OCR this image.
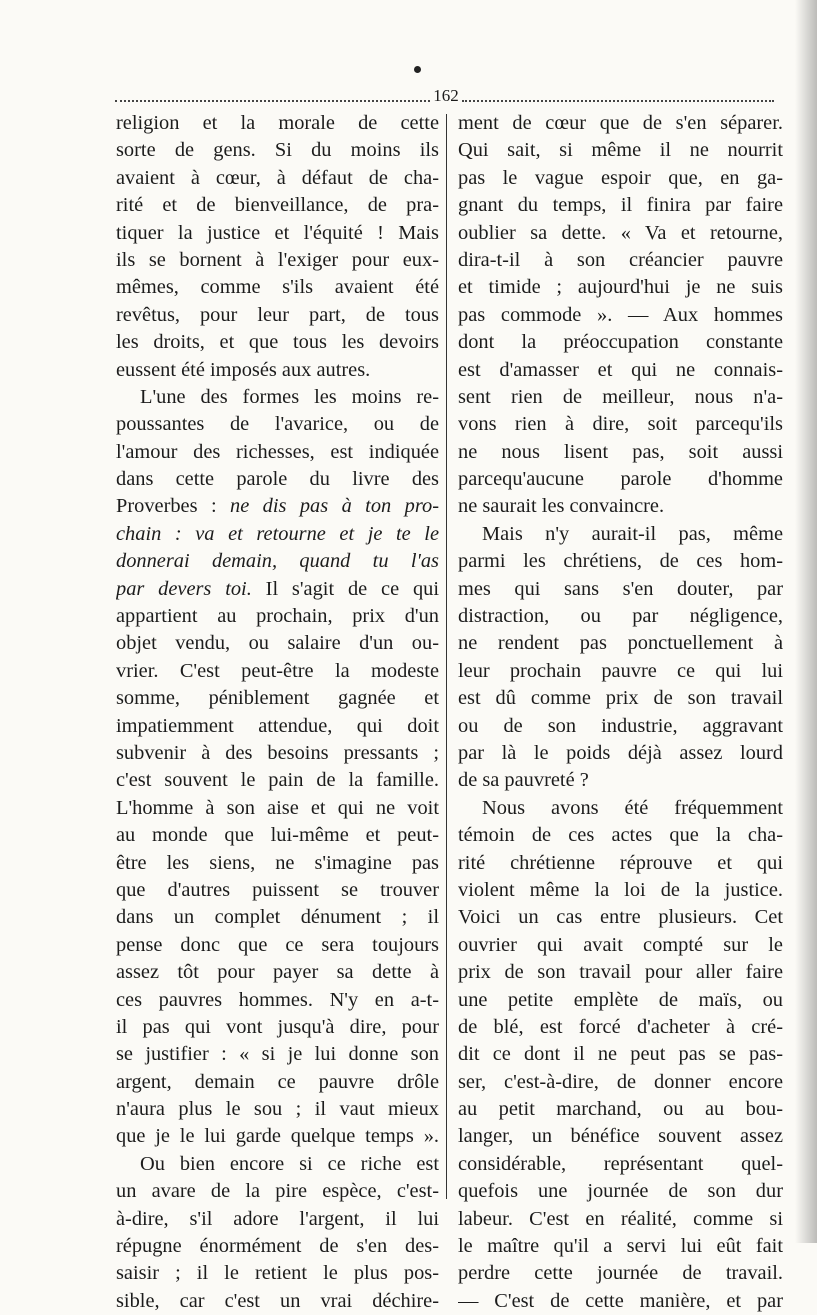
162
religion et la morale de cette
sorte de gens. Si du moins ils
avaient à cœur, à défaut de cha-
rité et de bienveillance, de pra-
tiquer la justice et l'équité ! Mais
ils se bornent à l'exiger pour eux-
mêmes, comme s'ils avaient été
revêtus, pour leur part, de tous
les droits, et que tous les devoirs
eussent été imposés aux autres.
L'une des formes les moins re-
poussantes de l'avarice, ou de
l'amour des richesses, est indiquée
dans cette parole du livre des
Proverbes : ne dis pas à ton pro-
chain : va et retourne et je te le
donnerai demain, quand tu l'as
par devers toi. Il s'agit de ce qui
appartient au prochain, prix d'un
objet vendu, ou salaire d'un ou-
vrier. C'est peut-être la modeste
somme, péniblement gagnée et
impatiemment attendue, qui doit
subvenir à des besoins pressants ;
c'est souvent le pain de la famille.
L'homme à son aise et qui ne voit
au monde que lui-même et peut-
être les siens, ne s'imagine pas
que d'autres puissent se trouver
dans un complet dénument ; il
pense donc que ce sera toujours
assez tôt pour payer sa dette à
ces pauvres hommes. N'y en a-t-
il pas qui vont jusqu'à dire, pour
se justifier : « si je lui donne son
argent, demain ce pauvre drôle
n'aura plus le sou ; il vaut mieux
que je le lui garde quelque temps ».
Ou bien encore si ce riche est
un avare de la pire espèce, c'est-
à-dire, s'il adore l'argent, il lui
répugne énormément de s'en des-
saisir ; il le retient le plus pos-
sible, car c'est un vrai déchire-
ment de cœur que de s'en séparer.
Qui sait, si même il ne nourrit
pas le vague espoir que, en ga-
gnant du temps, il finira par faire
oublier sa dette. « Va et retourne,
dira-t-il à son créancier pauvre
et timide ; aujourd'hui je ne suis
pas commode ». — Aux hommes
dont la préoccupation constante
est d'amasser et qui ne connais-
sent rien de meilleur, nous n'a-
vons rien à dire, soit parcequ'ils
ne nous lisent pas, soit aussi
parcequ'aucune parole d'homme
ne saurait les convaincre.
Mais n'y aurait-il pas, même
parmi les chrétiens, de ces hom-
mes qui sans s'en douter, par
distraction, ou par négligence,
ne rendent pas ponctuellement à
leur prochain pauvre ce qui lui
est dû comme prix de son travail
ou de son industrie, aggravant
par là le poids déjà assez lourd
de sa pauvreté ?
Nous avons été fréquemment
témoin de ces actes que la cha-
rité chrétienne réprouve et qui
violent même la loi de la justice.
Voici un cas entre plusieurs. Cet
ouvrier qui avait compté sur le
prix de son travail pour aller faire
une petite emplète de maïs, ou
de blé, est forcé d'acheter à cré-
dit ce dont il ne peut pas se pas-
ser, c'est-à-dire, de donner encore
au petit marchand, ou au bou-
langer, un bénéfice souvent assez
considérable, représentant quel-
quefois une journée de son dur
labeur. C'est en réalité, comme si
le maître qu'il a servi lui eût fait
perdre cette journée de travail.
— C'est de cette manière, et par
